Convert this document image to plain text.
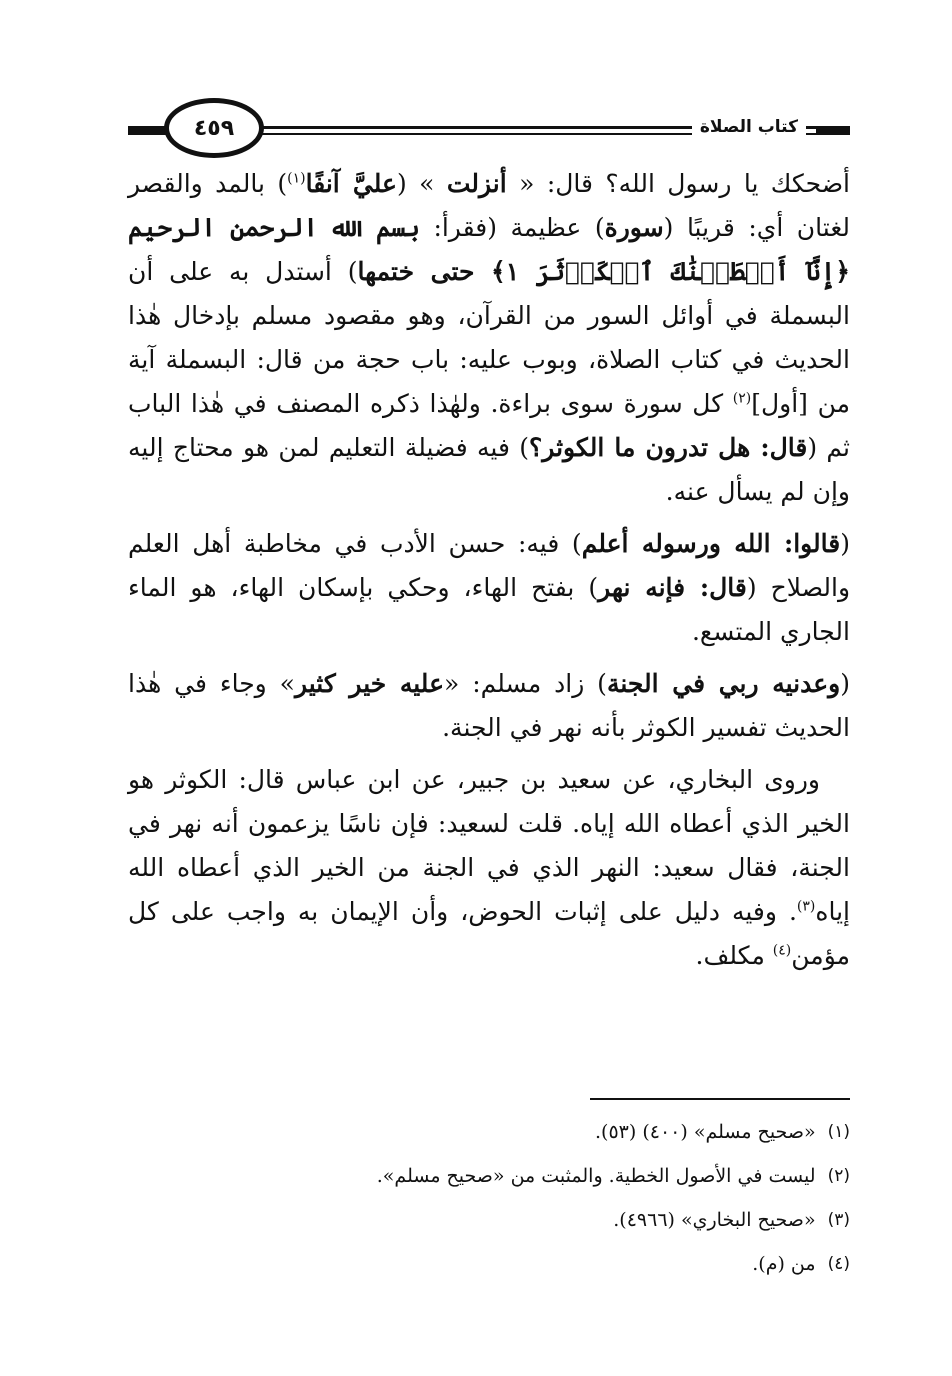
٤٥٩	كتاب الصلاة

أضحكك يا رسول الله؟ قال: « أنزلت » (عليَّ آنفًا$^{(١)}$) بالمد والقصر لغتان أي: قريبًا (سورة) عظيمة (فقرأ: بسم الله الرحمن الرحيم ﴿إِنَّآ أَعۡطَيۡنَٰكَ ٱلۡكَوۡثَرَ ١﴾ حتى ختمها) أستدل به على أن البسملة في أوائل السور من القرآن، وهو مقصود مسلم بإدخال هٰذا الحديث في كتاب الصلاة، وبوب عليه: باب حجة من قال: البسملة آية من [أول]$^{(٢)}$ كل سورة سوى براءة. ولهٰذا ذكره المصنف في هٰذا الباب ثم (قال: هل تدرون ما الكوثر؟) فيه فضيلة التعليم لمن هو محتاج إليه وإن لم يسأل عنه.

(قالوا: الله ورسوله أعلم) فيه: حسن الأدب في مخاطبة أهل العلم والصلاح (قال: فإنه نهر) بفتح الهاء، وحكي بإسكان الهاء، هو الماء الجاري المتسع.

(وعدنيه ربي في الجنة) زاد مسلم: «عليه خير كثير» وجاء في هٰذا الحديث تفسير الكوثر بأنه نهر في الجنة.

وروى البخاري، عن سعيد بن جبير، عن ابن عباس قال: الكوثر هو الخير الذي أعطاه الله إياه. قلت لسعيد: فإن ناسًا يزعمون أنه نهر في الجنة، فقال سعيد: النهر الذي في الجنة من الخير الذي أعطاه الله إياه$^{(٣)}$. وفيه دليل على إثبات الحوض، وأن الإيمان به واجب على كل مؤمن$^{(٤)}$ مكلف.

(١)
«صحيح مسلم» (٤٠٠) (٥٣).
(٢)
ليست في الأصول الخطية. والمثبت من «صحيح مسلم».
(٣)
«صحيح البخاري» (٤٩٦٦).
(٤)
من (م).
